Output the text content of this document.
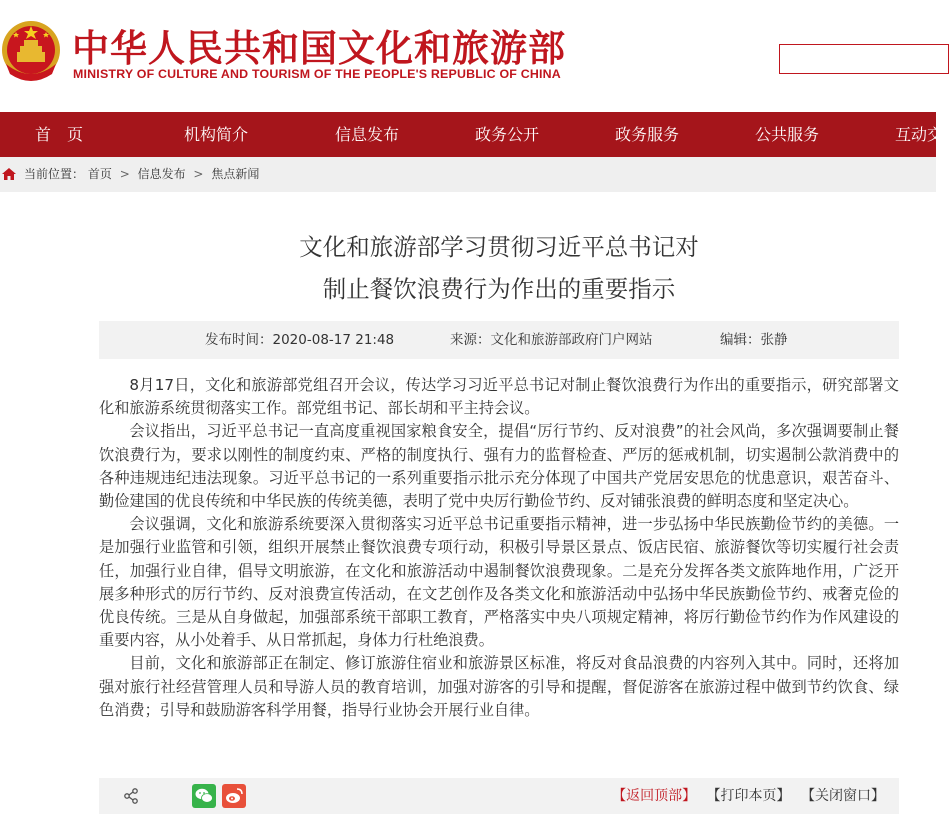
中华人民共和国文化和旅游部
MINISTRY OF CULTURE AND TOURISM OF THE PEOPLE'S REPUBLIC OF CHINA
首　页	机构简介	信息发布	政务公开	政务服务	公共服务	互动交
当前位置： 首页 > 信息发布 > 焦点新闻
文化和旅游部学习贯彻习近平总书记对
制止餐饮浪费行为作出的重要指示
发布时间：2020-08-17 21:48	来源：文化和旅游部政府门户网站	编辑：张静

8月17日，文化和旅游部党组召开会议，传达学习习近平总书记对制止餐饮浪费行为作出的重要指示，研究部署文化和旅游系统贯彻落实工作。部党组书记、部长胡和平主持会议。

会议指出，习近平总书记一直高度重视国家粮食安全，提倡“厉行节约、反对浪费”的社会风尚，多次强调要制止餐饮浪费行为，要求以刚性的制度约束、严格的制度执行、强有力的监督检查、严厉的惩戒机制，切实遏制公款消费中的各种违规违纪违法现象。习近平总书记的一系列重要指示批示充分体现了中国共产党居安思危的忧患意识，艰苦奋斗、勤俭建国的优良传统和中华民族的传统美德，表明了党中央厉行勤俭节约、反对铺张浪费的鲜明态度和坚定决心。

会议强调，文化和旅游系统要深入贯彻落实习近平总书记重要指示精神，进一步弘扬中华民族勤俭节约的美德。一是加强行业监管和引领，组织开展禁止餐饮浪费专项行动，积极引导景区景点、饭店民宿、旅游餐饮等切实履行社会责任，加强行业自律，倡导文明旅游，在文化和旅游活动中遏制餐饮浪费现象。二是充分发挥各类文旅阵地作用，广泛开展多种形式的厉行节约、反对浪费宣传活动，在文艺创作及各类文化和旅游活动中弘扬中华民族勤俭节约、戒奢克俭的优良传统。三是从自身做起，加强部系统干部职工教育，严格落实中央八项规定精神，将厉行勤俭节约作为作风建设的重要内容，从小处着手、从日常抓起，身体力行杜绝浪费。

目前，文化和旅游部正在制定、修订旅游住宿业和旅游景区标准，将反对食品浪费的内容列入其中。同时，还将加强对旅行社经营管理人员和导游人员的教育培训，加强对游客的引导和提醒，督促游客在旅游过程中做到节约饮食、绿色消费；引导和鼓励游客科学用餐，指导行业协会开展行业自律。

【返回顶部】 【打印本页】 【关闭窗口】
